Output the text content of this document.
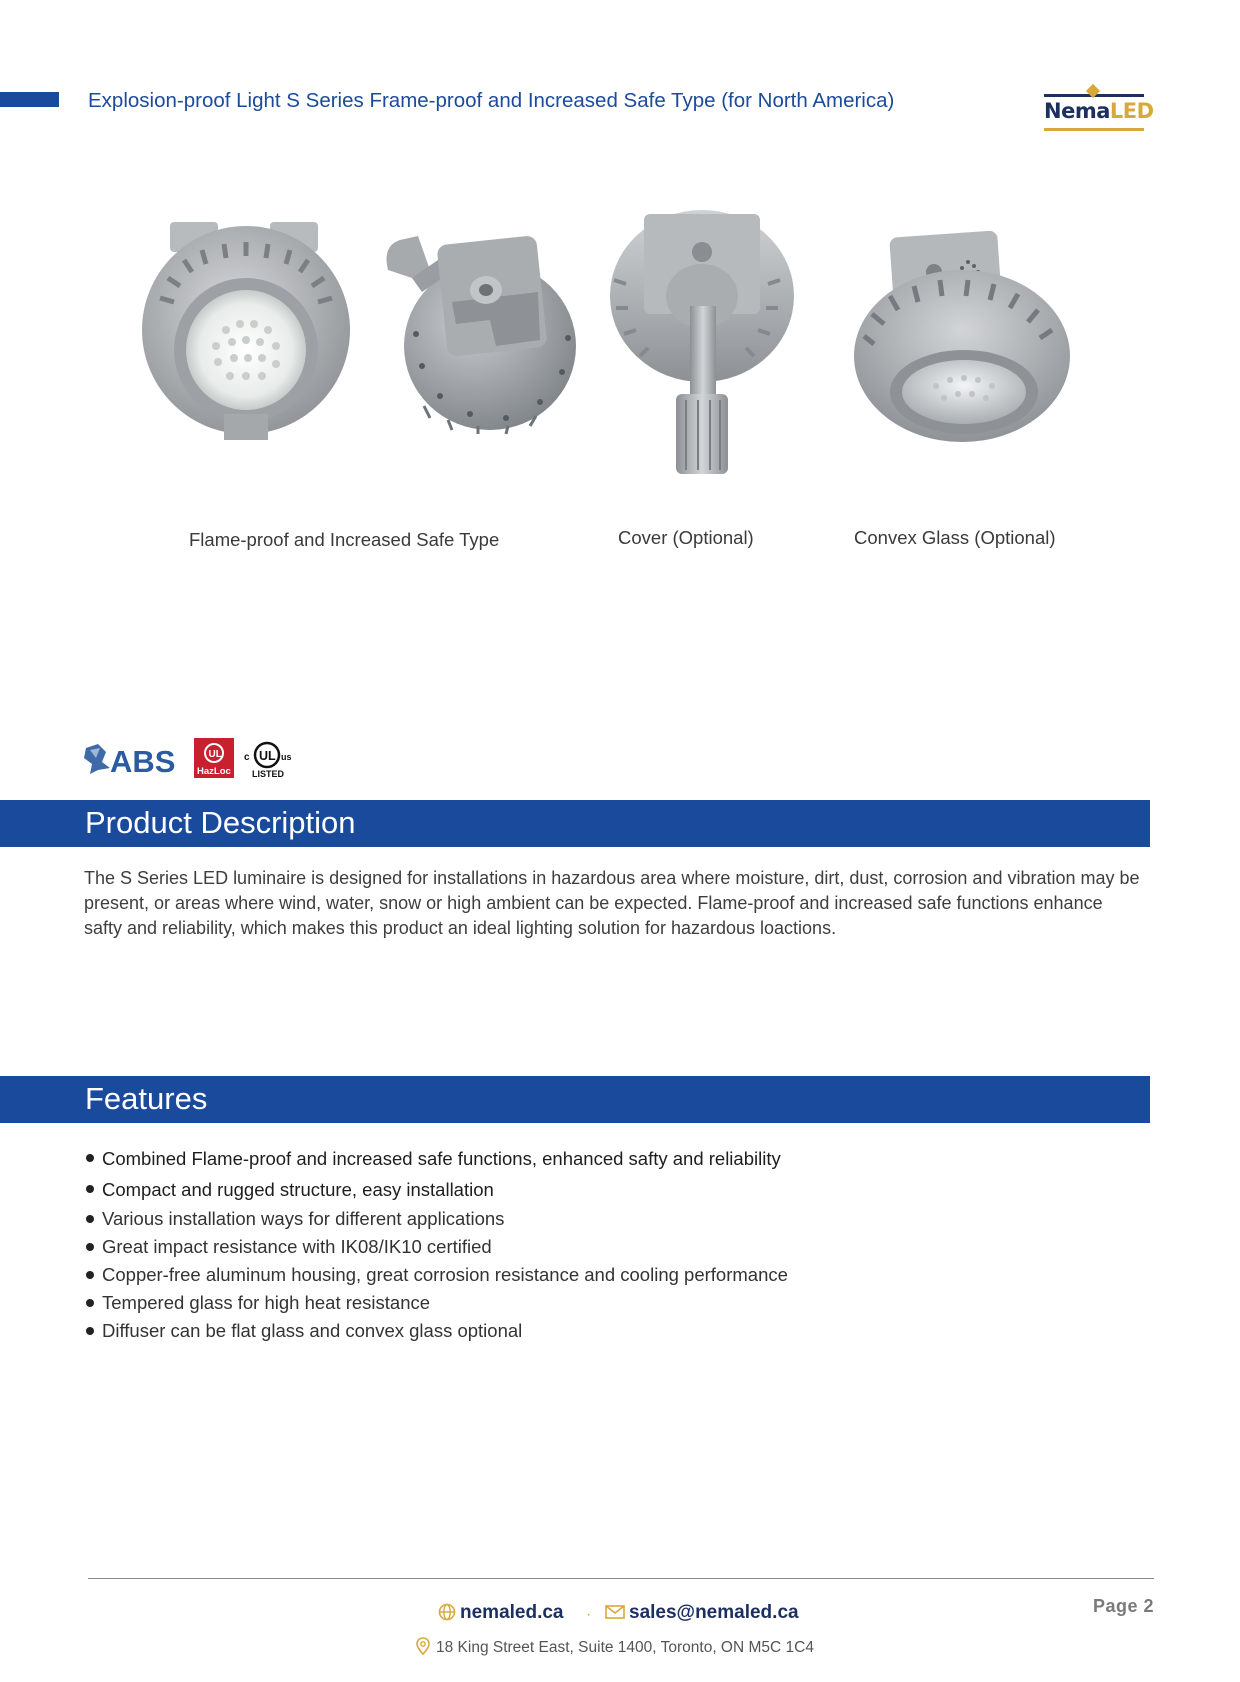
Explosion-proof Light S Series Frame-proof and Increased Safe Type (for North America)	NemaLED
Flame-proof and Increased Safe Type	Cover (Optional)	Convex Glass (Optional)
ABS	UL
HazLoc
c UL us
LISTED
Product Description

The S Series LED luminaire is designed for installations in hazardous area where moisture, dirt, dust, corrosion and vibration may be present, or areas where wind, water, snow or high ambient can be expected. Flame-proof and increased safe functions enhance safty and reliability, which makes this product an ideal lighting solution for hazardous loactions.

Features
Combined Flame-proof and increased safe functions, enhanced safty and reliability
Compact and rugged structure, easy installation
Various installation ways for different applications
Great impact resistance with IK08/IK10 certified
Copper-free aluminum housing, great corrosion resistance and cooling performance
Tempered glass for high heat resistance
Diffuser can be flat glass and convex glass optional
Page 2
nemaled.ca ·	sales@nemaled.ca
18 King Street East, Suite 1400, Toronto, ON M5C 1C4
